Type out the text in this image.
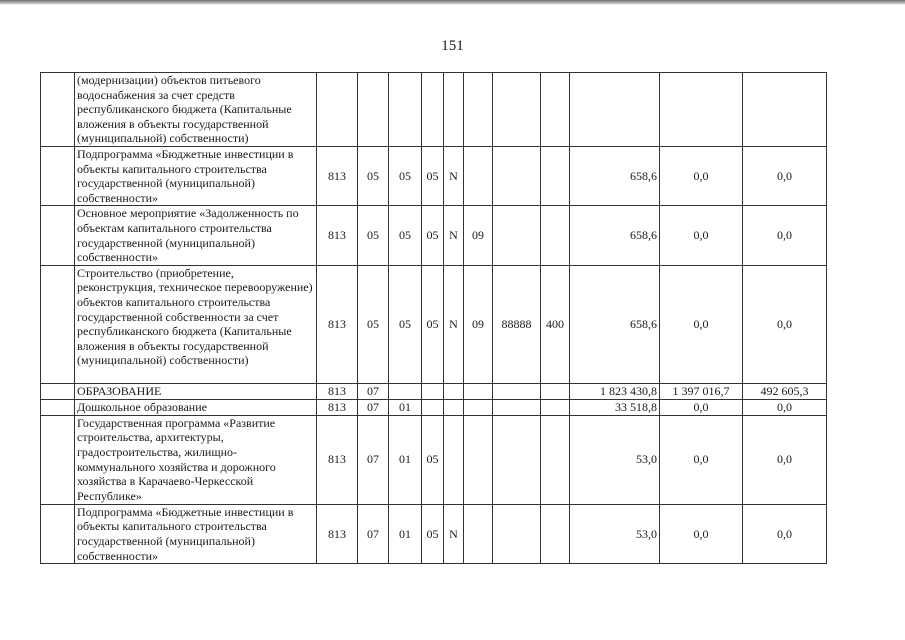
151
	(модернизации) объектов питьевого водоснабжения за счет средств республиканского бюджета (Капитальные вложения в объекты государственной (муниципальной) собственности)											
	Подпрограмма «Бюджетные инвестиции в объекты капитального строительства государственной (муниципальной) собственности»	813	05	05	05	N				658,6	0,0	0,0
	Основное мероприятие «Задолженность по объектам капитального строительства государственной (муниципальной) собственности»	813	05	05	05	N	09			658,6	0,0	0,0
	Строительство (приобретение, реконструкция, техническое перевооружение) объектов капитального строительства государственной собственности за счет республиканского бюджета (Капитальные вложения в объекты государственной (муниципальной) собственности)	813	05	05	05	N	09	88888	400	658,6	0,0	0,0
	ОБРАЗОВАНИЕ	813	07							1 823 430,8	1 397 016,7	492 605,3
	Дошкольное образование	813	07	01						33 518,8	0,0	0,0
	Государственная программа «Развитие строительства, архитектуры, градостроительства, жилищно-коммунального хозяйства и дорожного хозяйства в Карачаево-Черкесской Республике»	813	07	01	05					53,0	0,0	0,0
	Подпрограмма «Бюджетные инвестиции в объекты капитального строительства государственной (муниципальной) собственности»	813	07	01	05	N				53,0	0,0	0,0
